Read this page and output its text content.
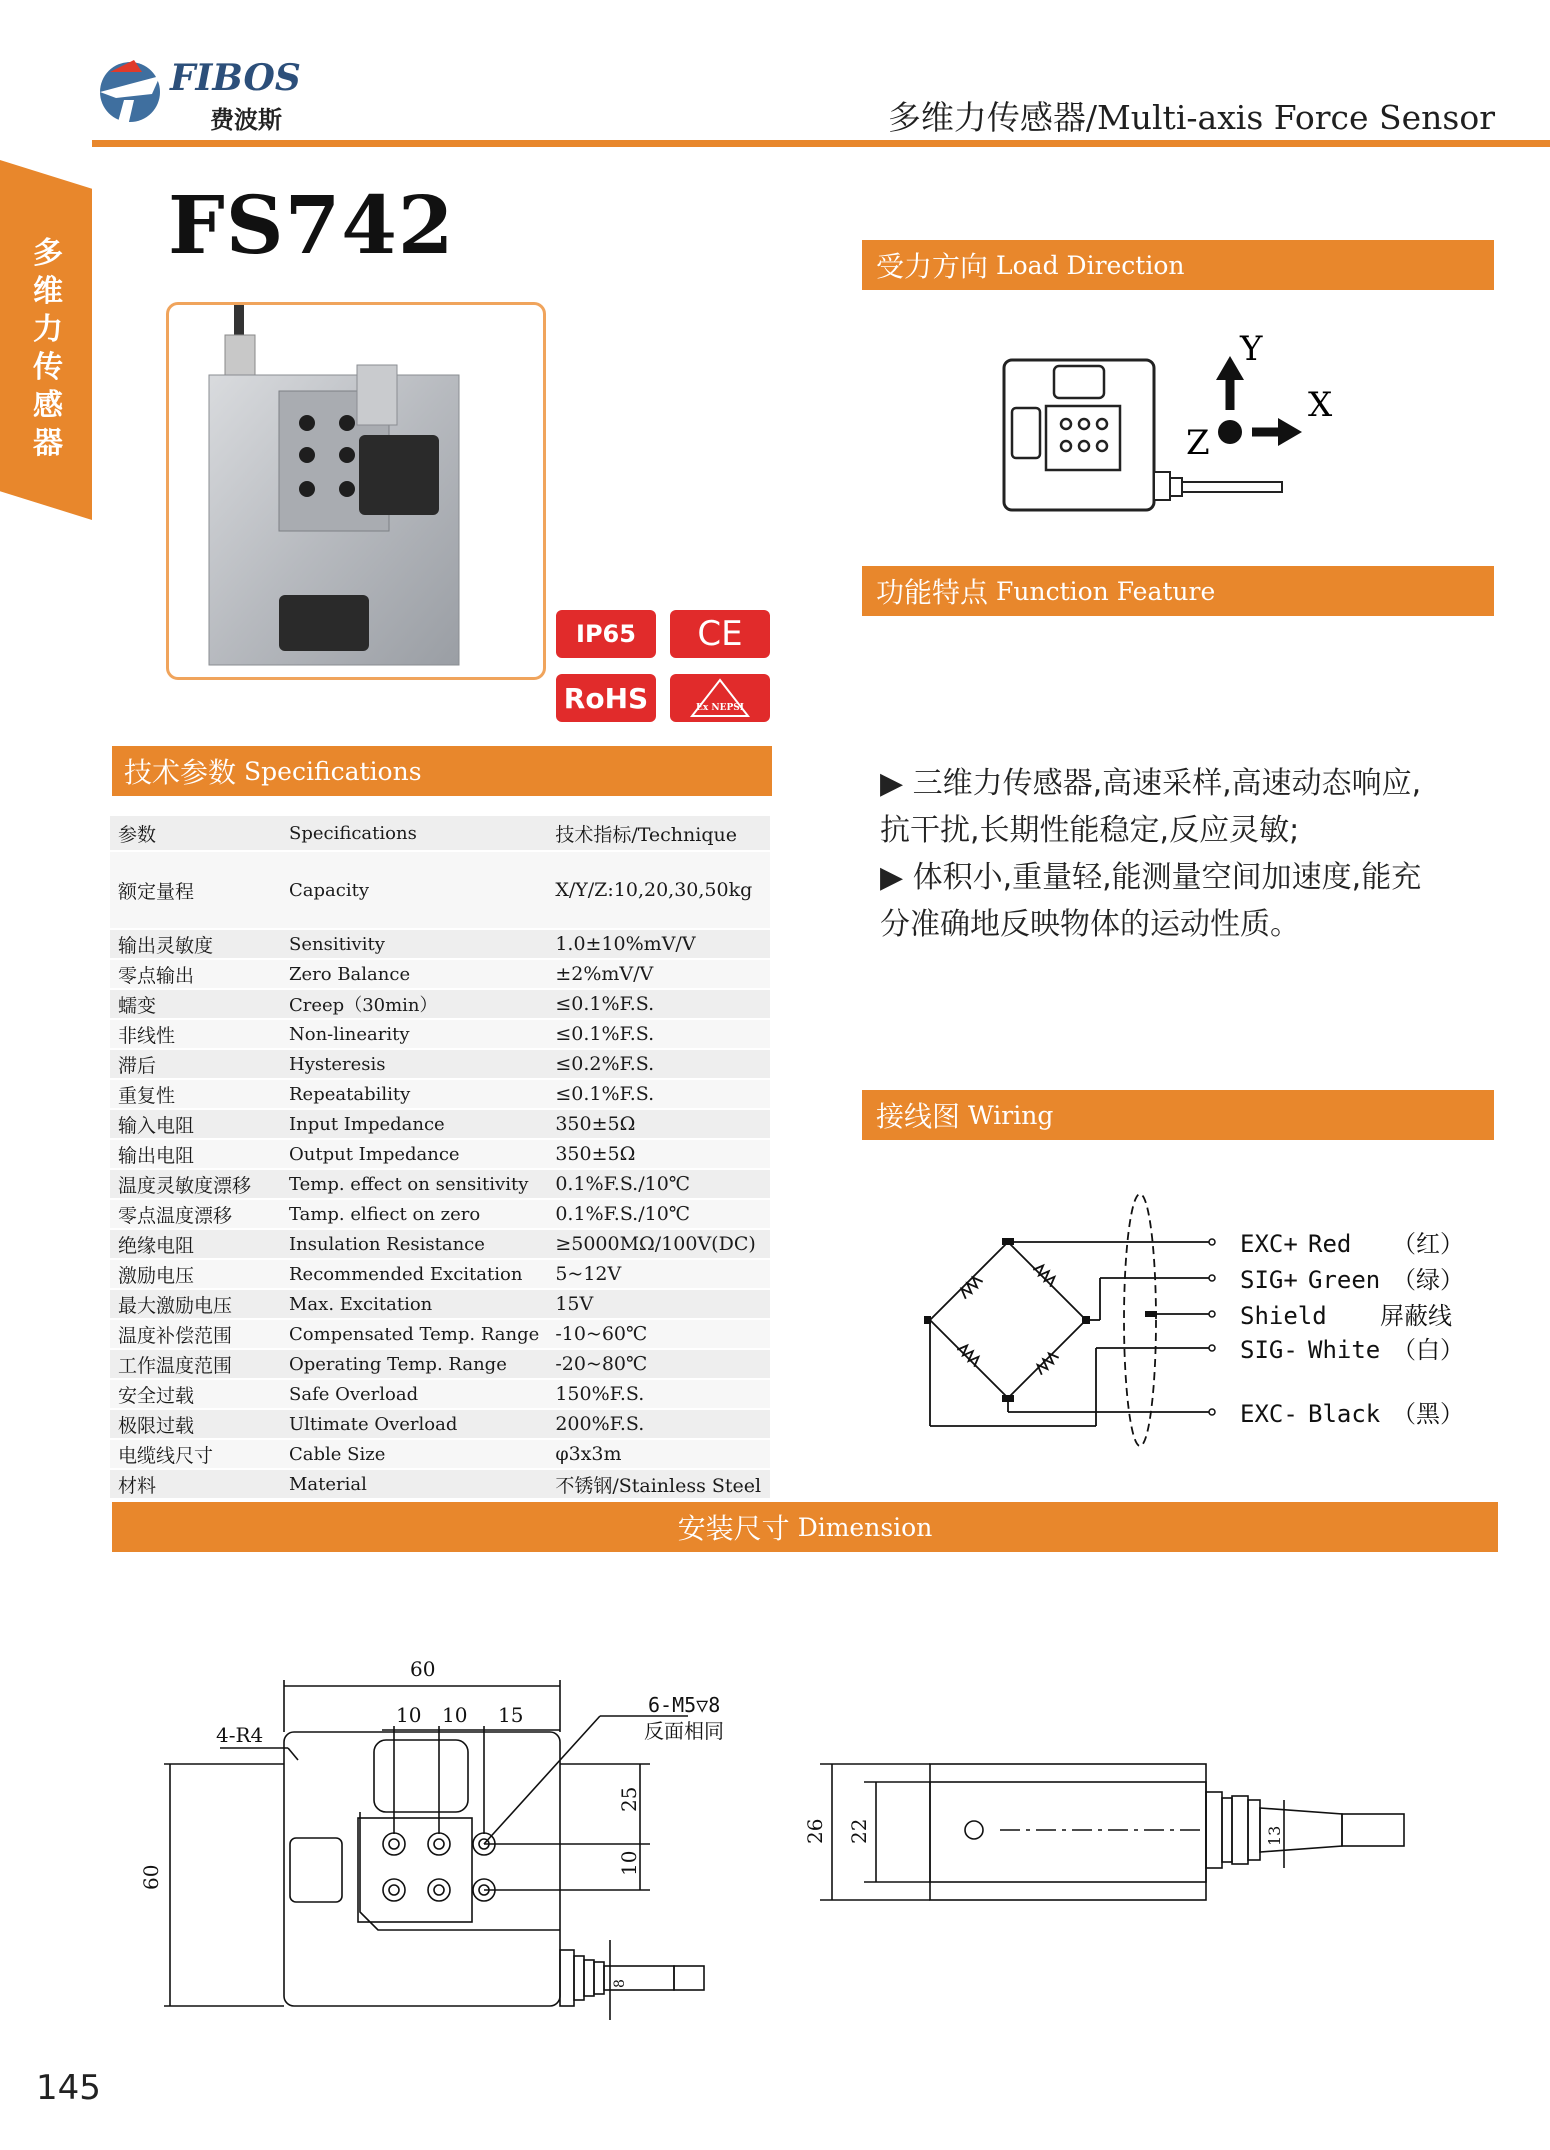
FIBOS
费波斯	多维力传感器/Multi-axis Force Sensor
多维力传感器
FS742
IP65	CE
RoHS	Ex NEPSI
受力方向 Load Direction
Y
X
Z
功能特点 Function Feature
▶ 三维力传感器,高速采样,高速动态响应,
抗干扰,长期性能稳定,反应灵敏;
▶ 体积小,重量轻,能测量空间加速度,能充
分准确地反映物体的运动性质。
技术参数 Specifications
参数	Specifications	技术指标/Technique
额定量程	Capacity	X/Y/Z:10,20,30,50kg
输出灵敏度	Sensitivity	1.0±10%mV/V
零点输出	Zero Balance	±2%mV/V
蠕变	Creep（30min）	≤0.1%F.S.
非线性	Non-linearity	≤0.1%F.S.
滞后	Hysteresis	≤0.2%F.S.
重复性	Repeatability	≤0.1%F.S.
输入电阻	Input Impedance	350±5Ω
输出电阻	Output Impedance	350±5Ω
温度灵敏度漂移	Temp. effect on sensitivity	0.1%F.S./10℃
零点温度漂移	Tamp. elfiect on zero	0.1%F.S./10℃
绝缘电阻	Insulation Resistance	≥5000MΩ/100V(DC)
激励电压	Recommended Excitation	5~12V
最大激励电压	Max. Excitation	15V
温度补偿范围	Compensated Temp. Range	-10~60℃
工作温度范围	Operating Temp. Range	-20~80℃
安全过载	Safe Overload	150%F.S.
极限过载	Ultimate Overload	200%F.S.
电缆线尺寸	Cable Size	φ3x3m
材料	Material	不锈钢/Stainless Steel
接线图 Wiring
EXC+ Red （红）
SIG+ Green （绿）
Shield 屏蔽线
SIG- White （白）
EXC- Black （黑）
安装尺寸 Dimension
60
10 10 15
4-R4
6-M5▽8
反面相同
60
25
10
8
26 22	13
145
